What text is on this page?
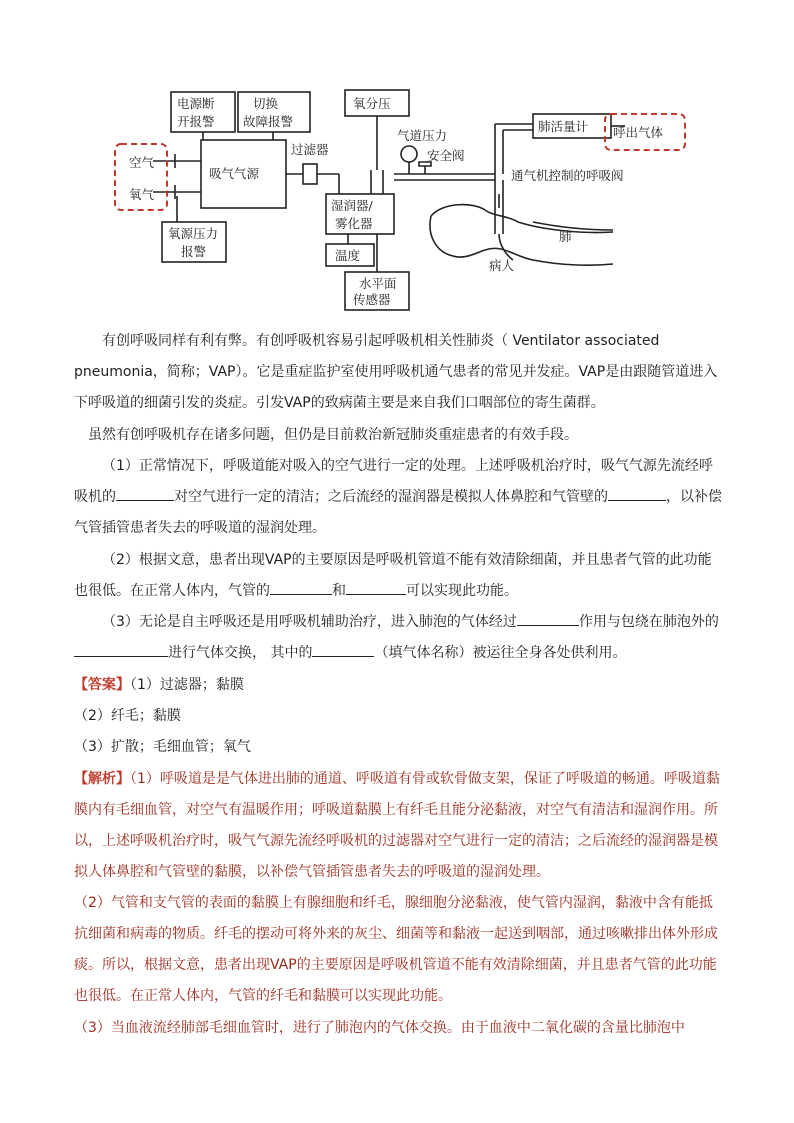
电源断
开报警
切换
故障报警
氧分压
肺活量计 呼出气体
空气
氧气
吸气气源
过滤器
气道压力
安全阀
通气机控制的呼吸阀
湿润器/
雾化器
氧源压力
报警	温度
水平面
传感器
肺
病人

有创呼吸同样有利有弊。有创呼吸机容易引起呼吸机相关性肺炎（ Ventilator associated pneumonia，简称；VAP）。它是重症监护室使用呼吸机通气患者的常见并发症。VAP是由跟随管道进入下呼吸道的细菌引发的炎症。引发VAP的致病菌主要是来自我们口咽部位的寄生菌群。

虽然有创呼吸机存在诸多问题，但仍是目前救治新冠肺炎重症患者的有效手段。

（1）正常情况下，呼吸道能对吸入的空气进行一定的处理。上述呼吸机治疗时，吸气气源先流经呼吸机的	对空气进行一定的清洁；之后流经的湿润器是模拟人体鼻腔和气管壁的	，以补偿气管插管患者失去的呼吸道的湿润处理。

（2）根据文意，患者出现VAP的主要原因是呼吸机管道不能有效清除细菌，并且患者气管的此功能也很低。在正常人体内，气管的	和	可以实现此功能。

（3）无论是自主呼吸还是用呼吸机辅助治疗，进入肺泡的气体经过	作用与包绕在肺泡外的进行气体交换， 其中的	（填气体名称）被运往全身各处供利用。

【答案】（1）过滤器；黏膜

（2）纤毛；黏膜

（3）扩散；毛细血管；氧气

【解析】（1）呼吸道是是气体进出肺的通道、呼吸道有骨或软骨做支架，保证了呼吸道的畅通。呼吸道黏膜内有毛细血管，对空气有温暖作用；呼吸道黏膜上有纤毛且能分泌黏液，对空气有清洁和湿润作用。所以，上述呼吸机治疗时，吸气气源先流经呼吸机的过滤器对空气进行一定的清洁；之后流经的湿润器是模拟人体鼻腔和气管壁的黏膜，以补偿气管插管患者失去的呼吸道的湿润处理。

（2）气管和支气管的表面的黏膜上有腺细胞和纤毛，腺细胞分泌黏液，使气管内湿润，黏液中含有能抵抗细菌和病毒的物质。纤毛的摆动可将外来的灰尘、细菌等和黏液一起送到咽部，通过咳嗽排出体外形成痰。所以，根据文意，患者出现VAP的主要原因是呼吸机管道不能有效清除细菌，并且患者气管的此功能也很低。在正常人体内，气管的纤毛和黏膜可以实现此功能。

（3）当血液流经肺部毛细血管时，进行了肺泡内的气体交换。由于血液中二氧化碳的含量比肺泡中
